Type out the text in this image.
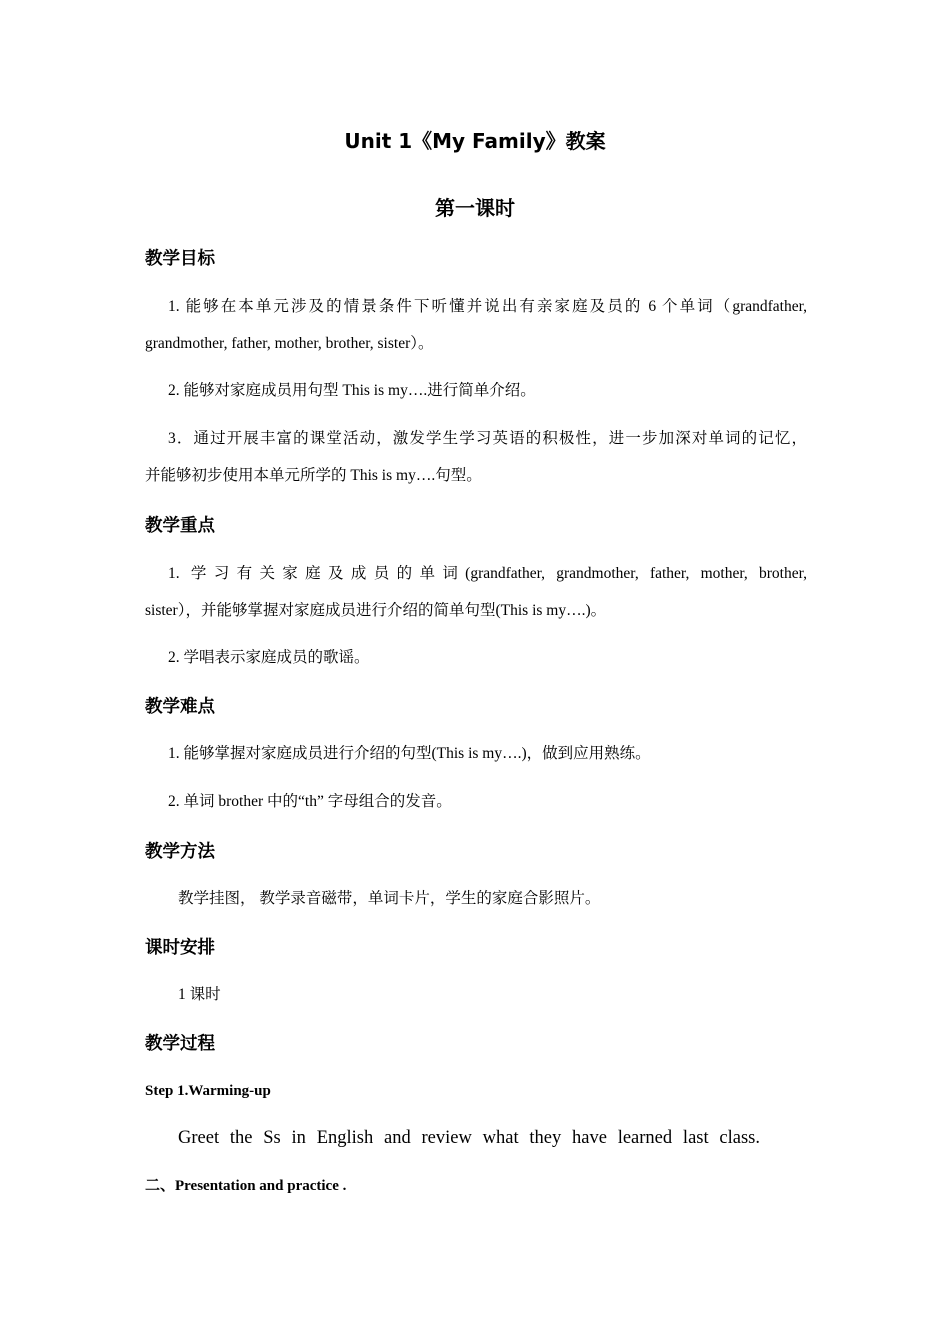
Unit 1《My Family》教案
第一课时
教学目标
1. 能够在本单元涉及的情景条件下听懂并说出有亲家庭及员的 6 个单词（grandfather,
grandmother, father, mother, brother, sister）。
2. 能够对家庭成员用句型 This is my….进行简单介绍。
3．通过开展丰富的课堂活动，激发学生学习英语的积极性，进一步加深对单词的记忆，
并能够初步使用本单元所学的 This is my….句型。
教学重点
1. 学习有关家庭及成员的单词(grandfather, grandmother, father, mother, brother,
sister），并能够掌握对家庭成员进行介绍的简单句型(This is my….)。
2. 学唱表示家庭成员的歌谣。
教学难点
1. 能够掌握对家庭成员进行介绍的句型(This is my….)，做到应用熟练。
2. 单词 brother 中的“th” 字母组合的发音。
教学方法
教学挂图， 教学录音磁带，单词卡片，学生的家庭合影照片。
课时安排
1 课时
教学过程
Step 1.Warming-up
Greet the Ss in English and review what they have learned last class.
二、Presentation and practice .
